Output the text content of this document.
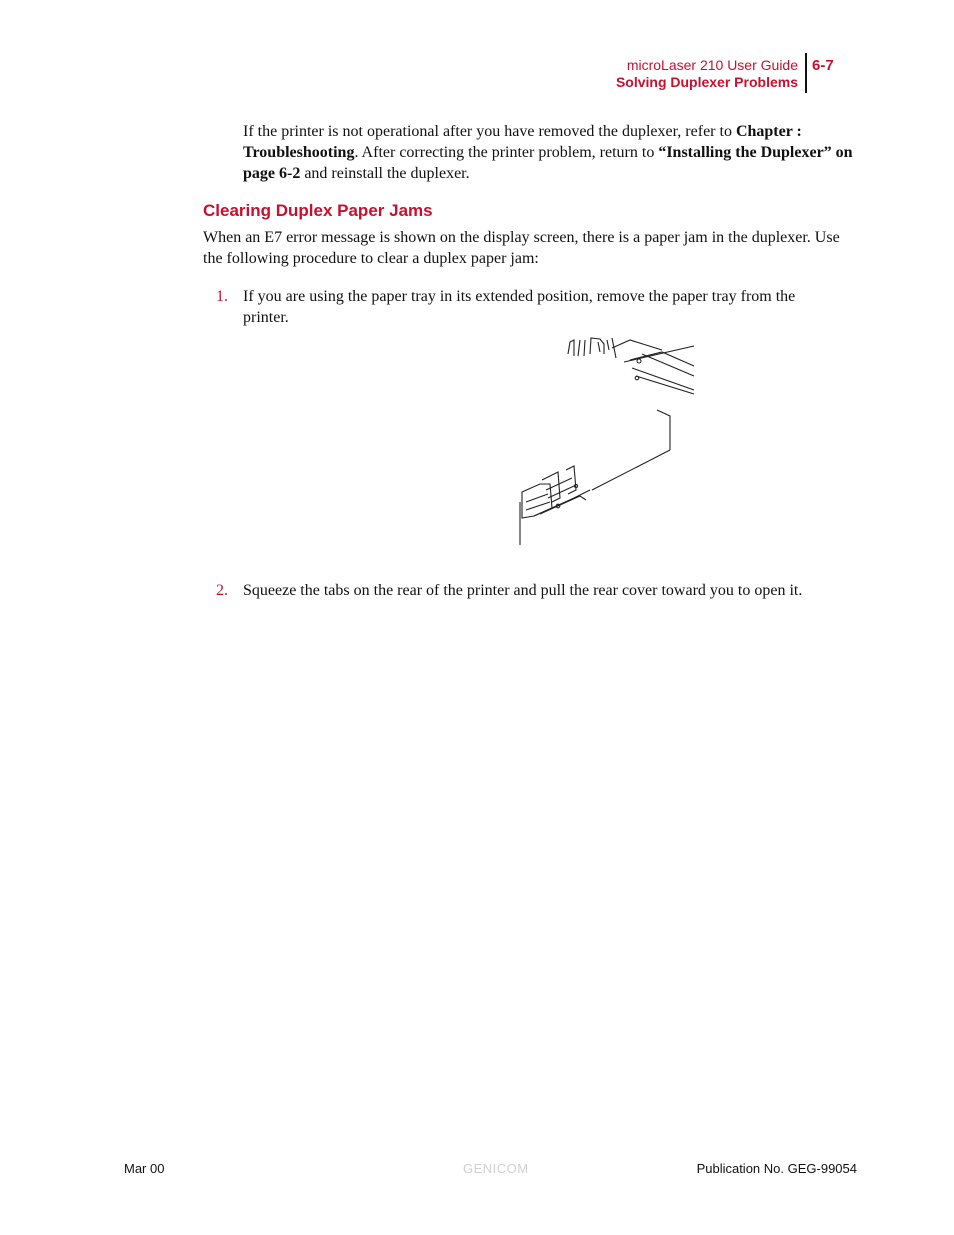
microLaser 210 User Guide
Solving Duplexer Problems
6-7

If the printer is not operational after you have removed the duplexer, refer to Chapter : Troubleshooting. After correcting the printer problem, return to “Installing the Duplexer” on page 6-2 and reinstall the duplexer.

Clearing Duplex Paper Jams

When an E7 error message is shown on the display screen, there is a paper jam in the duplexer. Use the following procedure to clear a duplex paper jam:

1. If you are using the paper tray in its extended position, remove the paper tray from the printer.
2. Squeeze the tabs on the rear of the printer and pull the rear cover toward you to open it.
Mar 00	GENICOM	Publication No. GEG-99054
